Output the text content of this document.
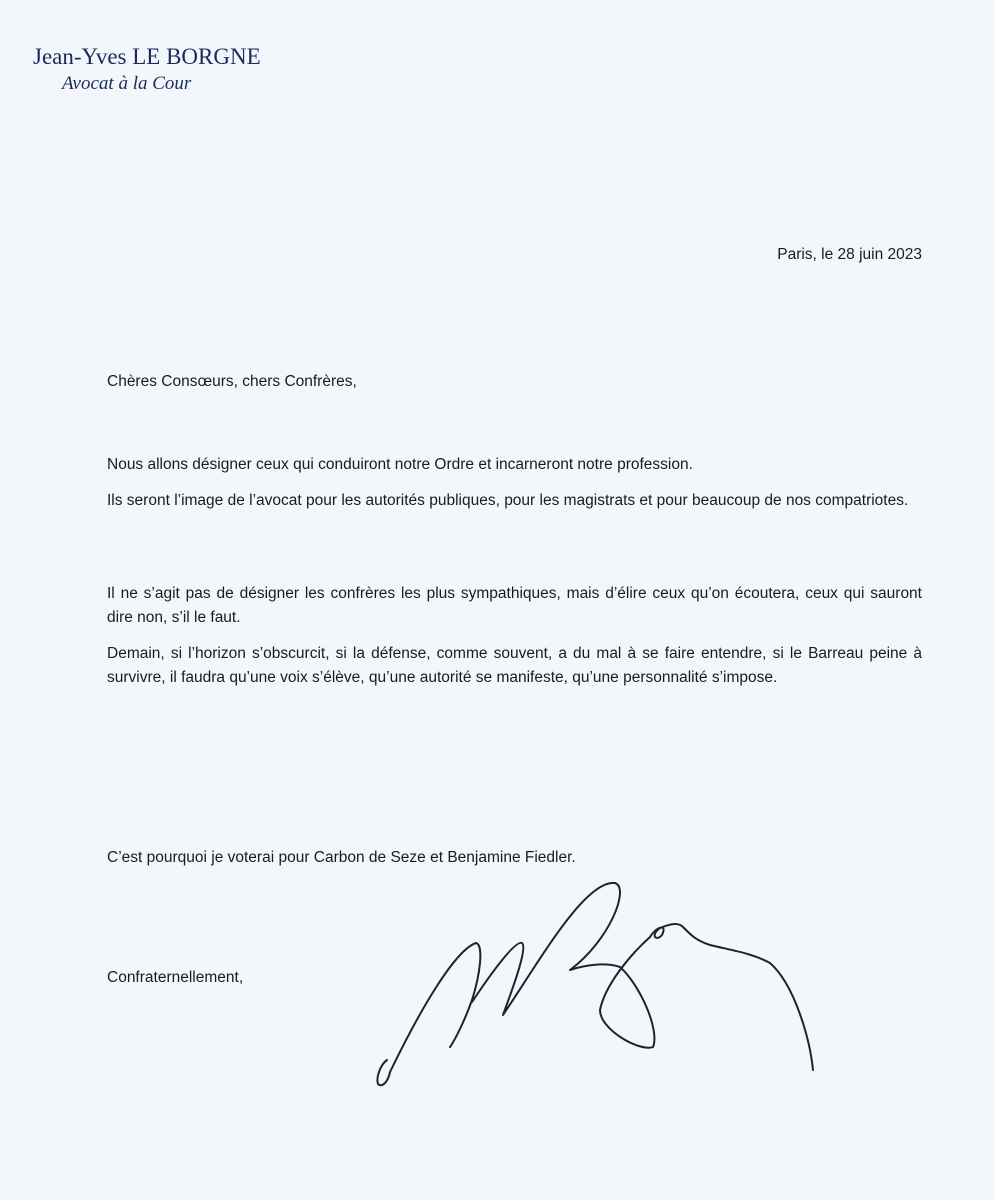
Jean-Yves LE BORGNE
Avocat à la Cour
Paris, le 28 juin 2023
Chères Consœurs, chers Confrères,
Nous allons désigner ceux qui conduiront notre Ordre et incarneront notre profession.
Ils seront l’image de l’avocat pour les autorités publiques, pour les magistrats et pour beaucoup de nos compatriotes.
Il ne s’agit pas de désigner les confrères les plus sympathiques, mais d’élire ceux qu’on écoutera, ceux qui sauront dire non, s’il le faut.
Demain, si l’horizon s’obscurcit, si la défense, comme souvent, a du mal à se faire entendre, si le Barreau peine à survivre, il faudra qu’une voix s’élève, qu’une autorité se manifeste, qu’une personnalité s’impose.
C’est pourquoi je voterai pour Carbon de Seze et Benjamine Fiedler.
Confraternellement,
